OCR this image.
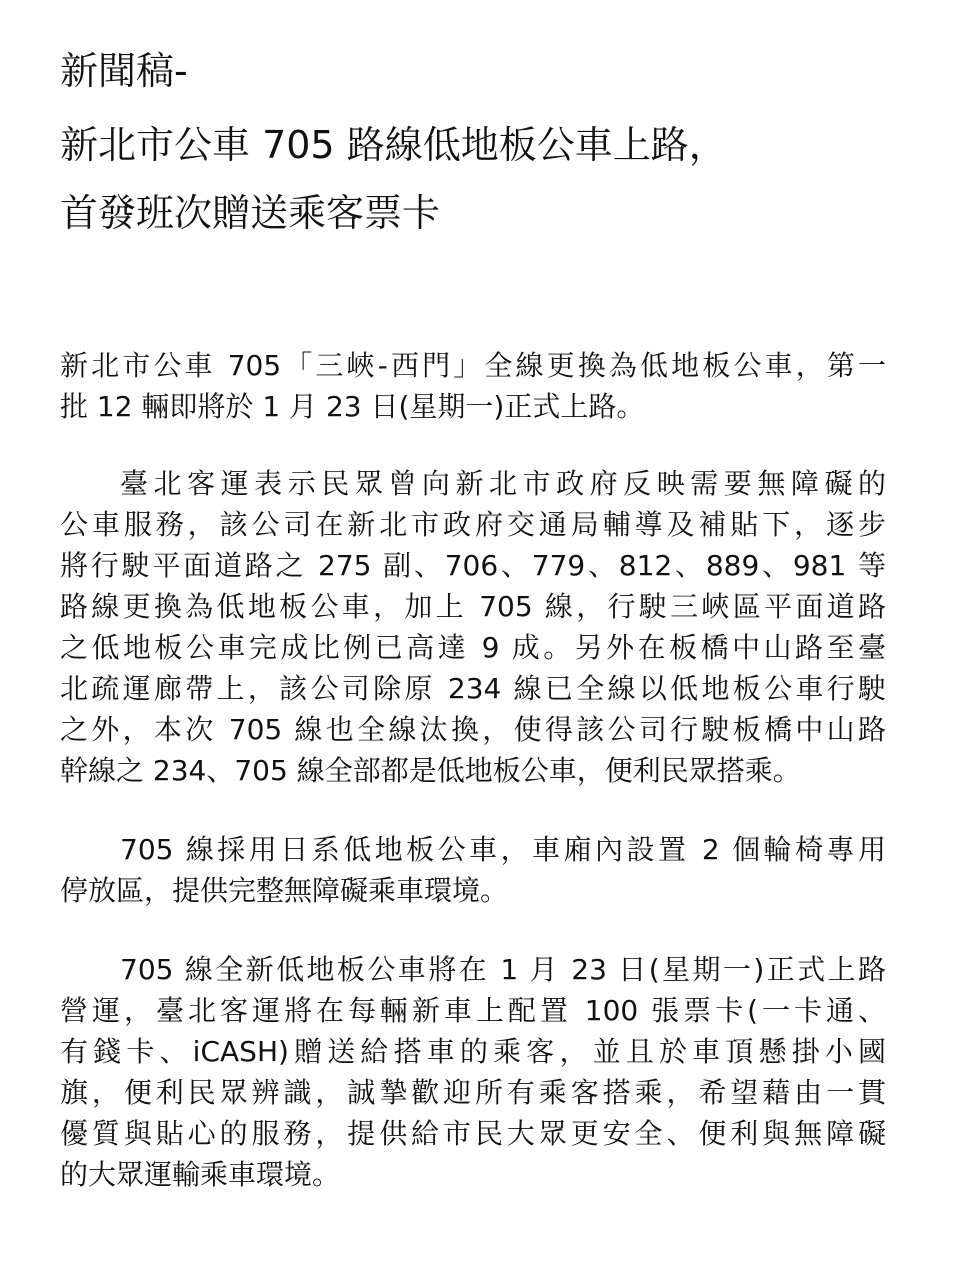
新聞稿-
新北市公車 705 路線低地板公車上路，
首發班次贈送乘客票卡

新北市公車 705「三峽-西門」全線更換為低地板公車，第一
批 12 輛即將於 1 月 23 日(星期一)正式上路。

臺北客運表示民眾曾向新北市政府反映需要無障礙的
公車服務，該公司在新北市政府交通局輔導及補貼下，逐步
將行駛平面道路之 275 副、706、779、812、889、981 等
路線更換為低地板公車，加上 705 線，行駛三峽區平面道路
之低地板公車完成比例已高達 9 成。另外在板橋中山路至臺
北疏運廊帶上，該公司除原 234 線已全線以低地板公車行駛
之外，本次 705 線也全線汰換，使得該公司行駛板橋中山路
幹線之 234、705 線全部都是低地板公車，便利民眾搭乘。

705 線採用日系低地板公車，車廂內設置 2 個輪椅專用
停放區，提供完整無障礙乘車環境。

705 線全新低地板公車將在 1 月 23 日(星期一)正式上路
營運，臺北客運將在每輛新車上配置 100 張票卡(一卡通、
有錢卡、iCASH)贈送給搭車的乘客，並且於車頂懸掛小國
旗，便利民眾辨識，誠摯歡迎所有乘客搭乘，希望藉由一貫
優質與貼心的服務，提供給市民大眾更安全、便利與無障礙
的大眾運輸乘車環境。
